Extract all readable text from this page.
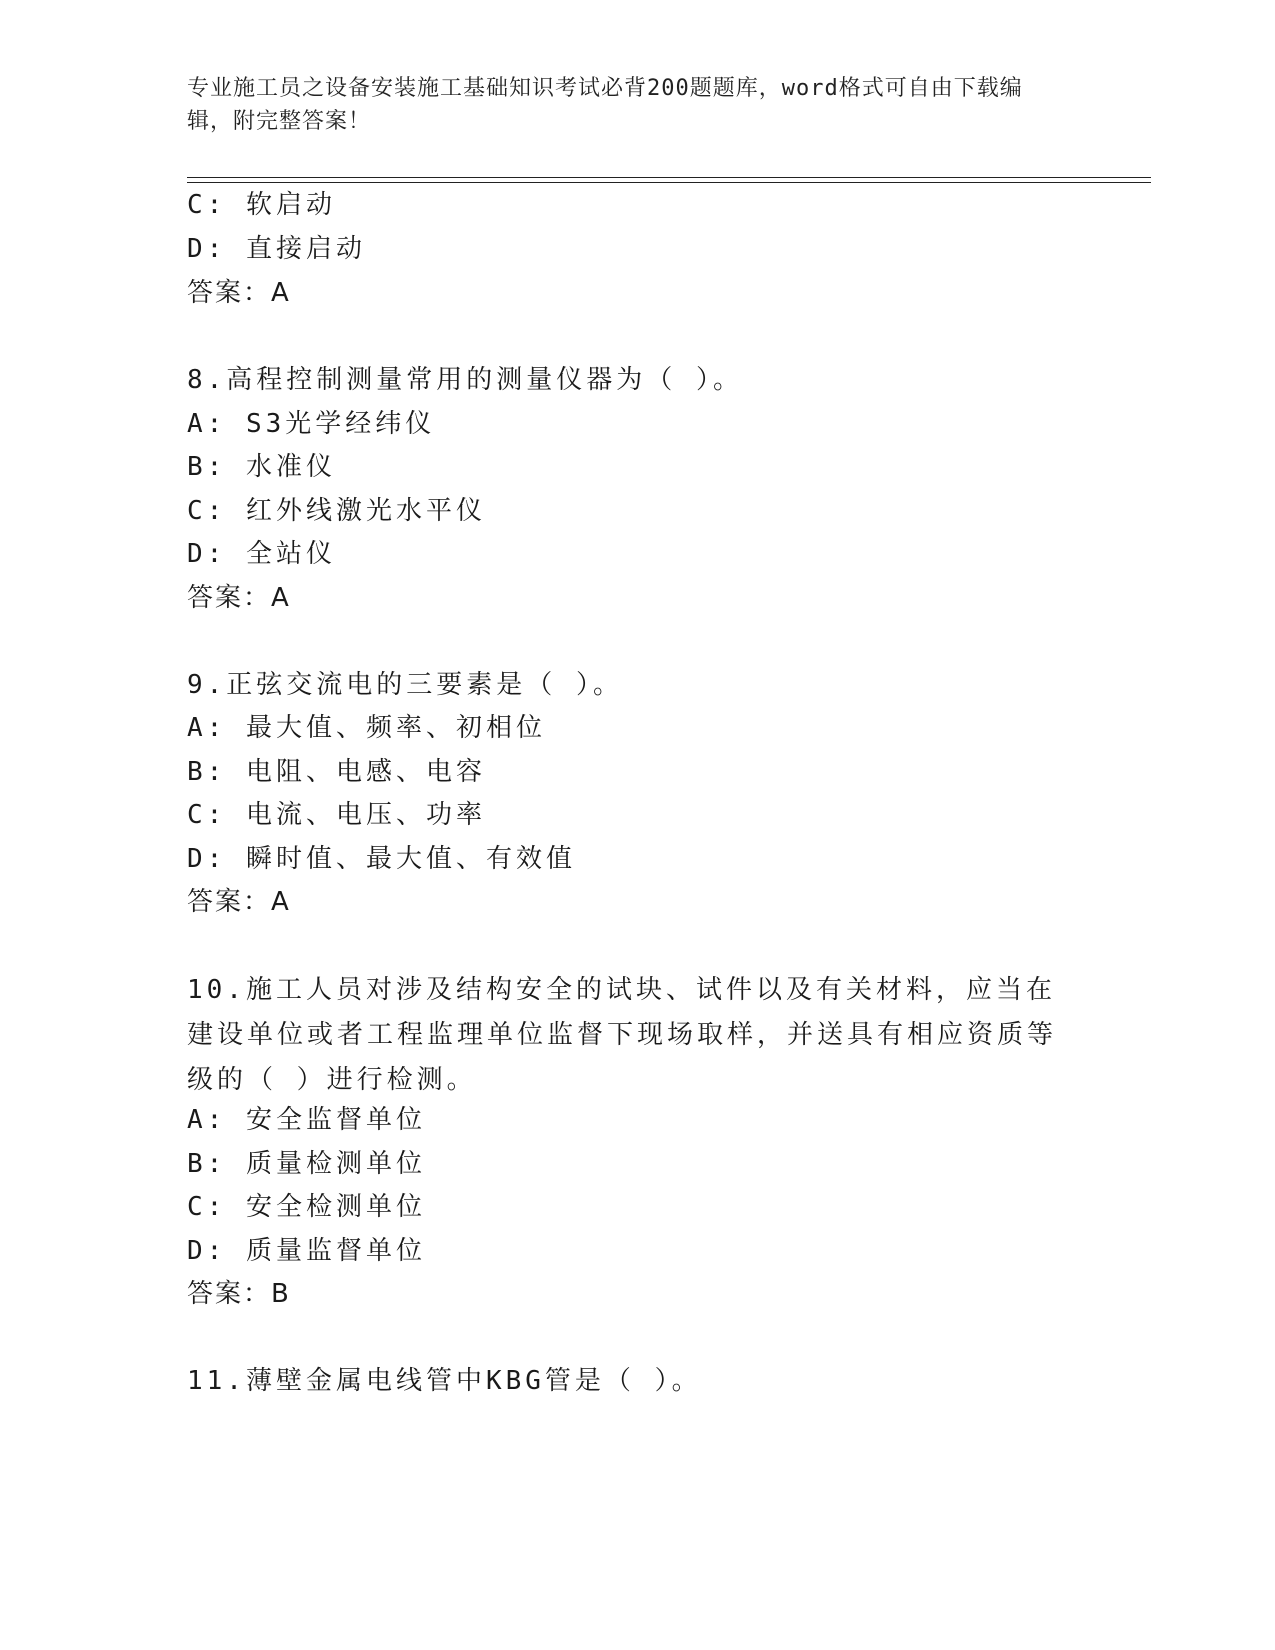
专业施工员之设备安装施工基础知识考试必背200题题库，word格式可自由下载编辑，附完整答案！
C: 软启动
D: 直接启动
答案：A
8.高程控制测量常用的测量仪器为（ ）。
A: S3光学经纬仪
B: 水准仪
C: 红外线激光水平仪
D: 全站仪
答案：A
9.正弦交流电的三要素是（ ）。
A: 最大值、频率、初相位
B: 电阻、电感、电容
C: 电流、电压、功率
D: 瞬时值、最大值、有效值
答案：A
10.施工人员对涉及结构安全的试块、试件以及有关材料，应当在建设单位或者工程监理单位监督下现场取样，并送具有相应资质等级的（ ）进行检测。
A: 安全监督单位
B: 质量检测单位
C: 安全检测单位
D: 质量监督单位
答案：B
11.薄壁金属电线管中KBG管是（ ）。
